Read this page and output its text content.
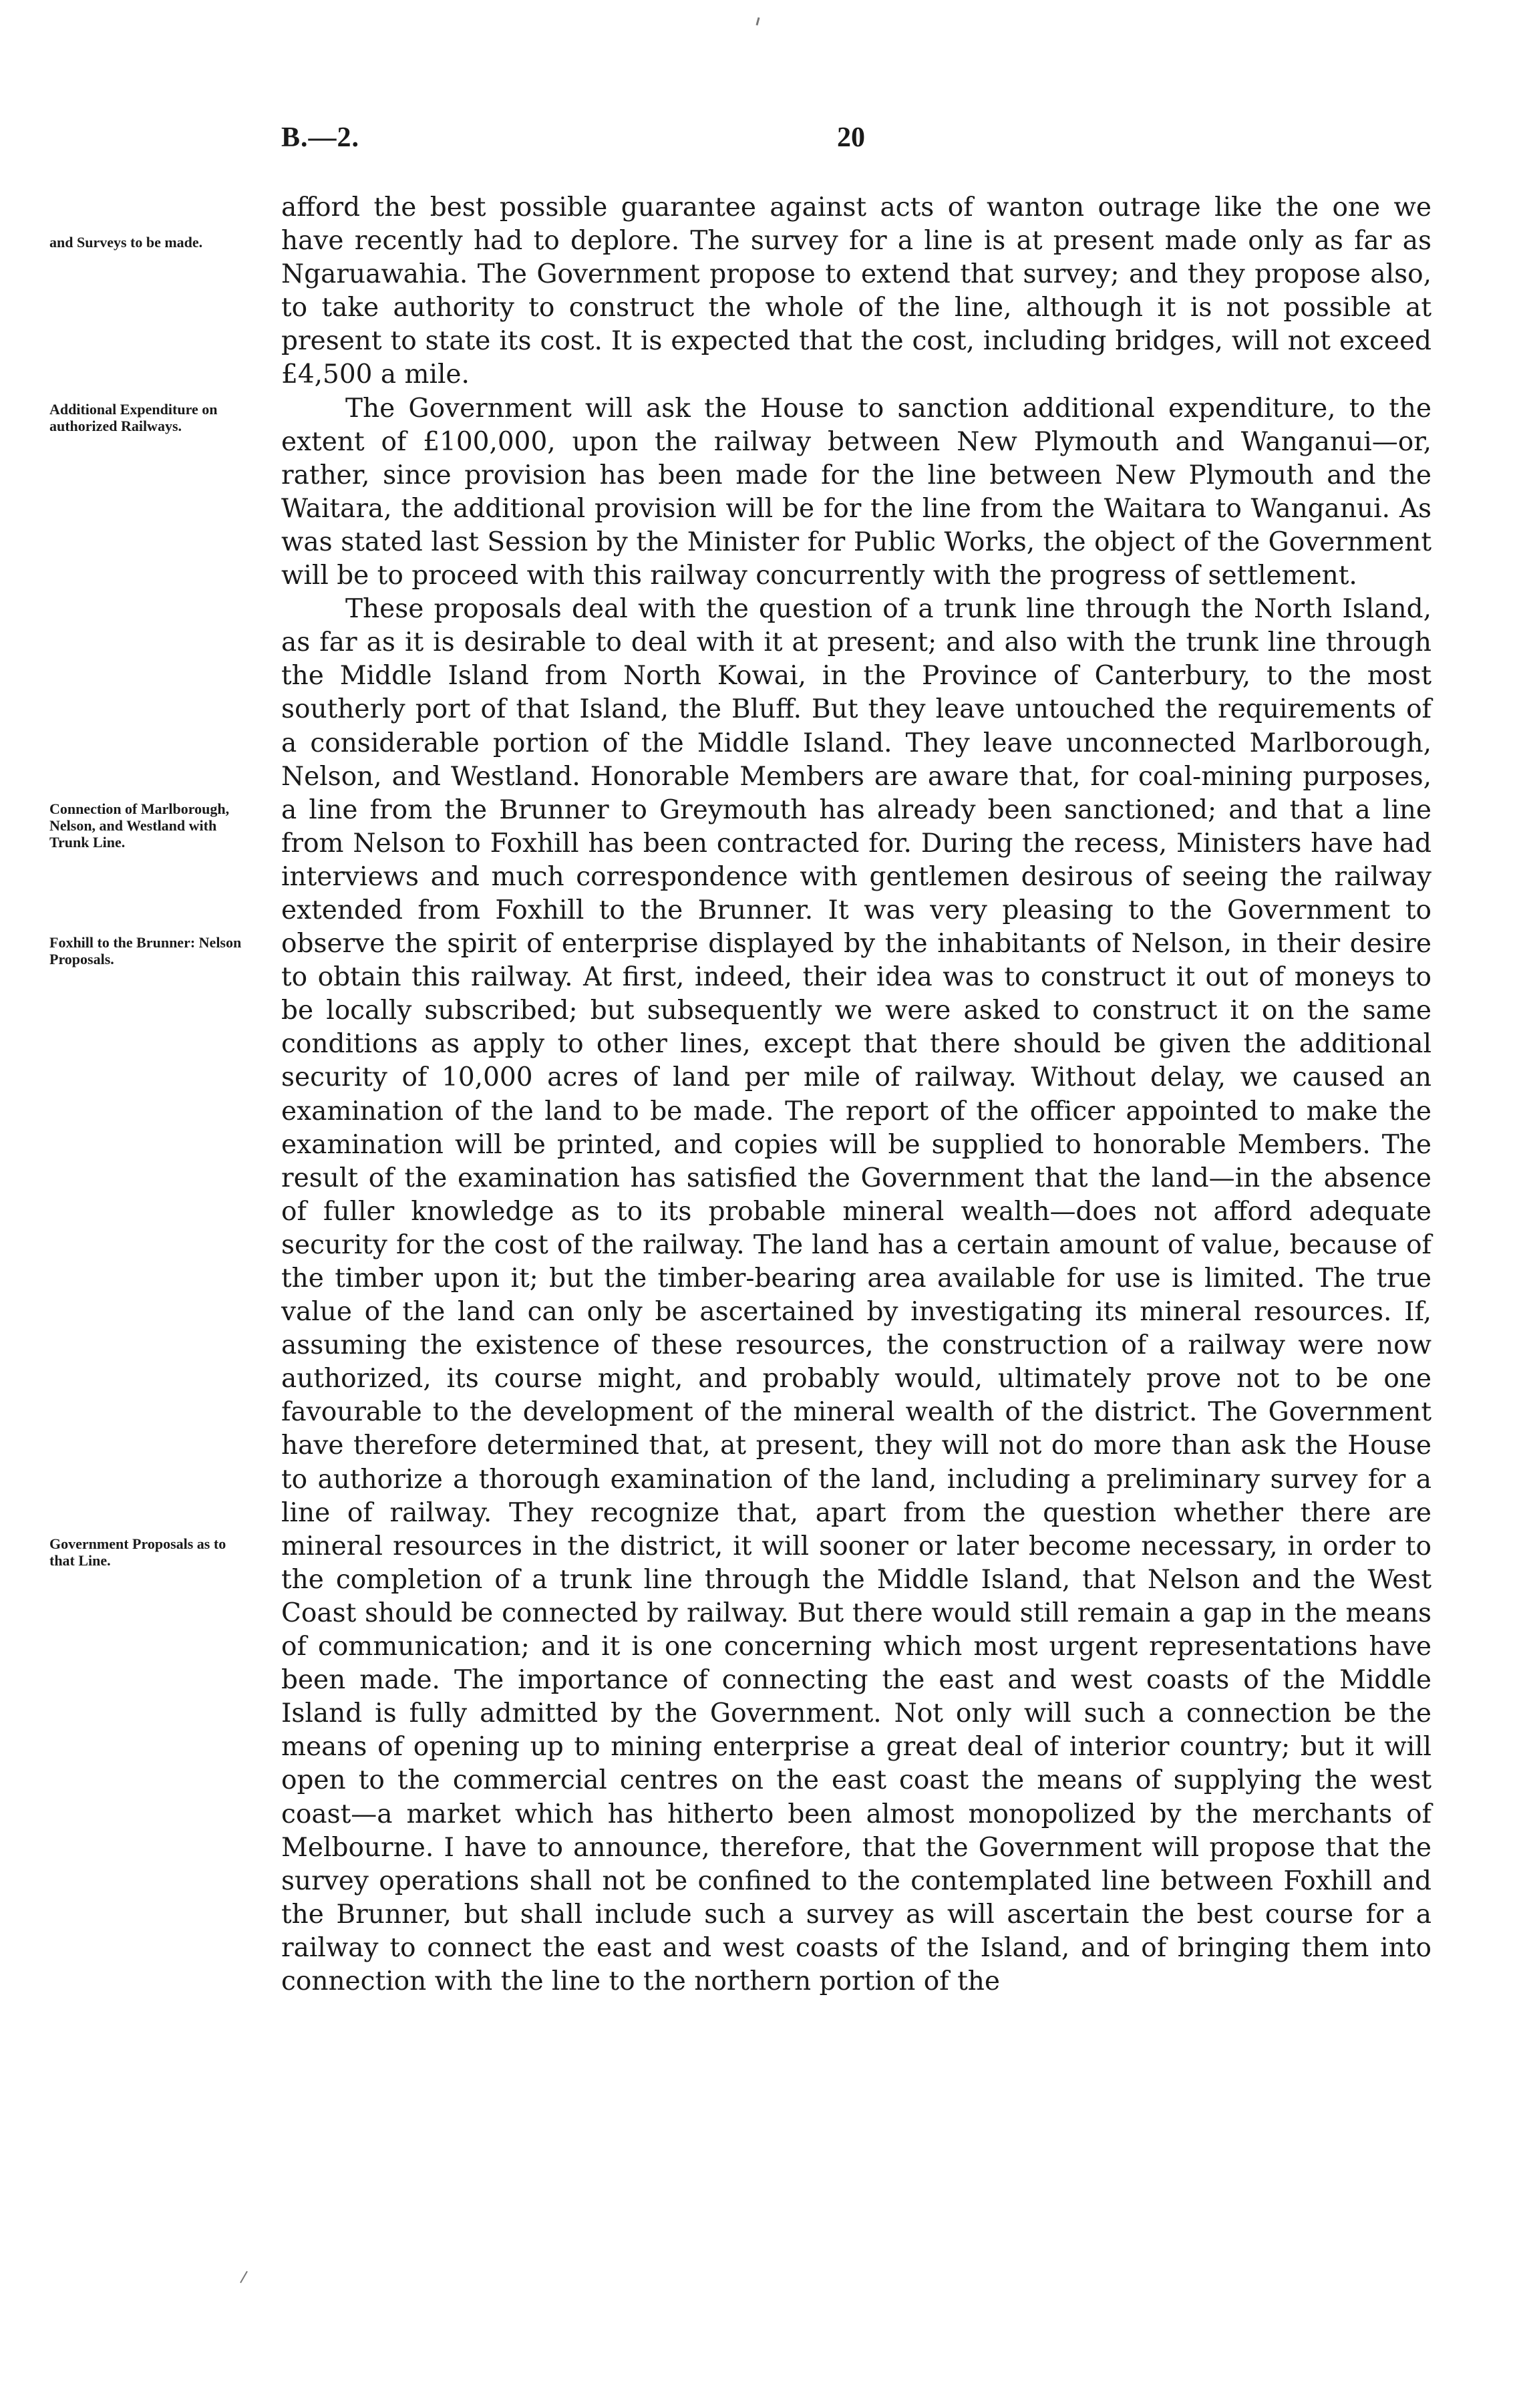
B.—2.	20
and Surveys to be made.
Additional Expenditure on authorized Railways.
Connection of Marlborough, Nelson, and Westland with Trunk Line.
Foxhill to the Brunner: Nelson Proposals.
Government Proposals as to that Line.

afford the best possible guarantee against acts of wanton outrage like the one we have recently had to deplore. The survey for a line is at present made only as far as Ngaruawahia. The Government propose to extend that survey; and they propose also, to take authority to construct the whole of the line, although it is not possible at present to state its cost. It is expected that the cost, including bridges, will not exceed £4,500 a mile.

The Government will ask the House to sanction additional expenditure, to the extent of £100,000, upon the railway between New Plymouth and Wanganui—or, rather, since provision has been made for the line between New Plymouth and the Waitara, the additional provision will be for the line from the Waitara to Wanganui. As was stated last Session by the Minister for Public Works, the object of the Government will be to proceed with this railway concurrently with the progress of settlement.

These proposals deal with the question of a trunk line through the North Island, as far as it is desirable to deal with it at present; and also with the trunk line through the Middle Island from North Kowai, in the Province of Canterbury, to the most southerly port of that Island, the Bluff. But they leave untouched the requirements of a considerable portion of the Middle Island. They leave unconnected Marlborough, Nelson, and Westland. Honorable Members are aware that, for coal-mining purposes, a line from the Brunner to Greymouth has already been sanctioned; and that a line from Nelson to Foxhill has been contracted for. During the recess, Ministers have had interviews and much correspondence with gentlemen desirous of seeing the railway extended from Foxhill to the Brunner. It was very pleasing to the Government to observe the spirit of enterprise displayed by the inhabitants of Nelson, in their desire to obtain this railway. At first, indeed, their idea was to construct it out of moneys to be locally subscribed; but subsequently we were asked to construct it on the same conditions as apply to other lines, except that there should be given the additional security of 10,000 acres of land per mile of railway. Without delay, we caused an examination of the land to be made. The report of the officer appointed to make the examination will be printed, and copies will be supplied to honorable Members. The result of the examination has satisfied the Government that the land—in the absence of fuller knowledge as to its probable mineral wealth—does not afford adequate security for the cost of the railway. The land has a certain amount of value, because of the timber upon it; but the timber-bearing area available for use is limited. The true value of the land can only be ascertained by investigating its mineral resources. If, assuming the existence of these resources, the construction of a railway were now authorized, its course might, and probably would, ultimately prove not to be one favourable to the development of the mineral wealth of the district. The Government have therefore determined that, at present, they will not do more than ask the House to authorize a thorough examination of the land, including a preliminary survey for a line of railway. They recognize that, apart from the question whether there are mineral resources in the district, it will sooner or later become necessary, in order to the completion of a trunk line through the Middle Island, that Nelson and the West Coast should be connected by railway. But there would still remain a gap in the means of communication; and it is one concerning which most urgent representations have been made. The importance of connecting the east and west coasts of the Middle Island is fully admitted by the Government. Not only will such a connection be the means of opening up to mining enterprise a great deal of interior country; but it will open to the commercial centres on the east coast the means of supplying the west coast—a market which has hitherto been almost monopolized by the merchants of Melbourne. I have to announce, therefore, that the Government will propose that the survey operations shall not be confined to the contemplated line between Foxhill and the Brunner, but shall include such a survey as will ascertain the best course for a railway to connect the east and west coasts of the Island, and of bringing them into connection with the line to the northern portion of the
